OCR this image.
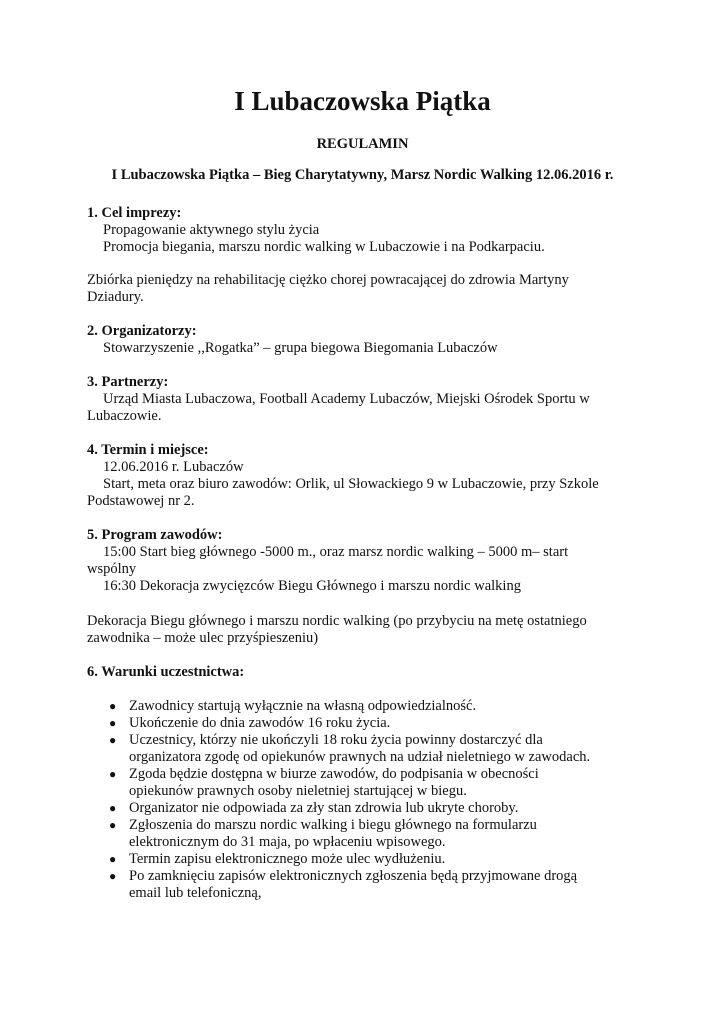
I Lubaczowska Piątka

REGULAMIN

I Lubaczowska Piątka – Bieg Charytatywny, Marsz Nordic Walking 12.06.2016 r.

1. Cel imprezy:

Propagowanie aktywnego stylu życia

Promocja biegania, marszu nordic walking w Lubaczowie i na Podkarpaciu.

Zbiórka pieniędzy na rehabilitację ciężko chorej powracającej do zdrowia Martyny

Dziadury.

2. Organizatorzy:

Stowarzyszenie ,,Rogatka” – grupa biegowa Biegomania Lubaczów

3. Partnerzy:

Urząd Miasta Lubaczowa, Football Academy Lubaczów, Miejski Ośrodek Sportu w

Lubaczowie.

4. Termin i miejsce:

12.06.2016 r. Lubaczów

Start, meta oraz biuro zawodów: Orlik, ul Słowackiego 9 w Lubaczowie, przy Szkole

Podstawowej nr 2.

5. Program zawodów:

15:00 Start bieg głównego -5000 m., oraz marsz nordic walking – 5000 m– start

wspólny

16:30 Dekoracja zwycięzców Biegu Głównego i marszu nordic walking

Dekoracja Biegu głównego i marszu nordic walking (po przybyciu na metę ostatniego

zawodnika – może ulec przyśpieszeniu)

6. Warunki uczestnictwa:

● Zawodnicy startują wyłącznie na własną odpowiedzialność.
● Ukończenie do dnia zawodów 16 roku życia.
● Uczestnicy, którzy nie ukończyli 18 roku życia powinny dostarczyć dla
organizatora zgodę od opiekunów prawnych na udział nieletniego w zawodach.
● Zgoda będzie dostępna w biurze zawodów, do podpisania w obecności
opiekunów prawnych osoby nieletniej startującej w biegu.
● Organizator nie odpowiada za zły stan zdrowia lub ukryte choroby.
● Zgłoszenia do marszu nordic walking i biegu głównego na formularzu
elektronicznym do 31 maja, po wpłaceniu wpisowego.
● Termin zapisu elektronicznego może ulec wydłużeniu.
● Po zamknięciu zapisów elektronicznych zgłoszenia będą przyjmowane drogą
email lub telefoniczną,
